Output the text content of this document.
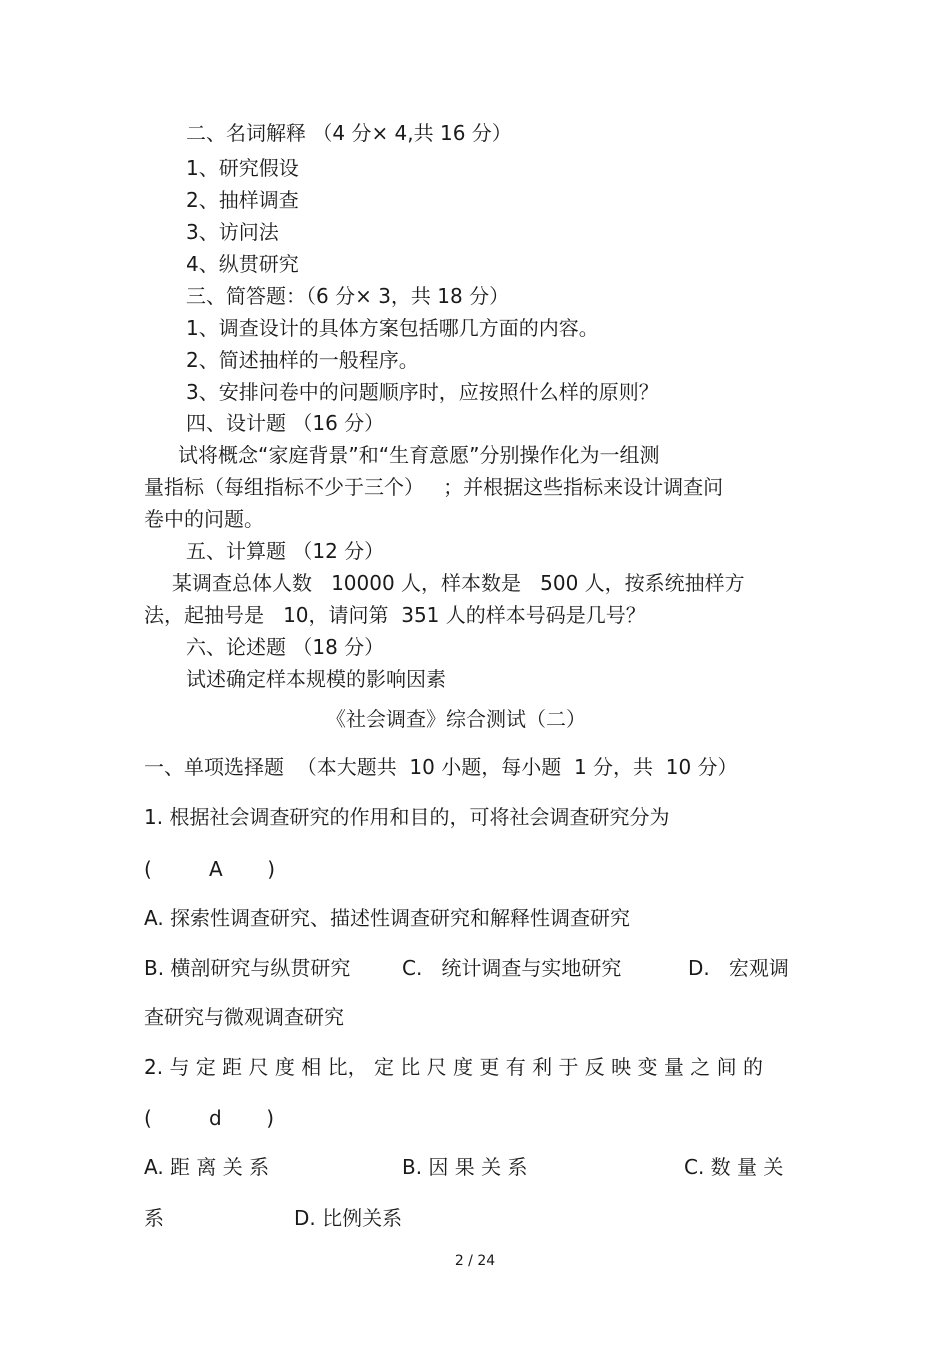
二、名词解释 （4 分× 4,共 16 分）
1、研究假设
2、抽样调查
3、访问法
4、纵贯研究
三、简答题：（6 分× 3，共 18 分）
1、调查设计的具体方案包括哪几方面的内容。
2、简述抽样的一般程序。
3、安排问卷中的问题顺序时，应按照什么样的原则？
四、设计题 （16 分）
试将概念“家庭背景”和“生育意愿”分别操作化为一组测
量指标（每组指标不少于三个）   ；并根据这些指标来设计调查问
卷中的问题。
五、计算题 （12 分）
某调查总体人数   10000 人，样本数是   500 人，按系统抽样方
法，起抽号是   10，请问第  351 人的样本号码是几号？
六、论述题 （18 分）
试述确定样本规模的影响因素
《社会调查》综合测试（二）
一、单项选择题  （本大题共  10 小题，每小题  1 分，共  10 分）
1. 根据社会调查研究的作用和目的，可将社会调查研究分为
(         A       )
A. 探索性调查研究、描述性调查研究和解释性调查研究
B. 横剖研究与纵贯研究	C.   统计调查与实地研究	D.   宏观调
查研究与微观调查研究
2. 与 定 距 尺 度 相 比， 定 比 尺 度 更 有 利 于 反 映 变 量 之 间 的
(         d       )
A. 距 离 关 系	B. 因 果 关 系	C. 数 量 关
系	D. 比例关系
2 / 24
